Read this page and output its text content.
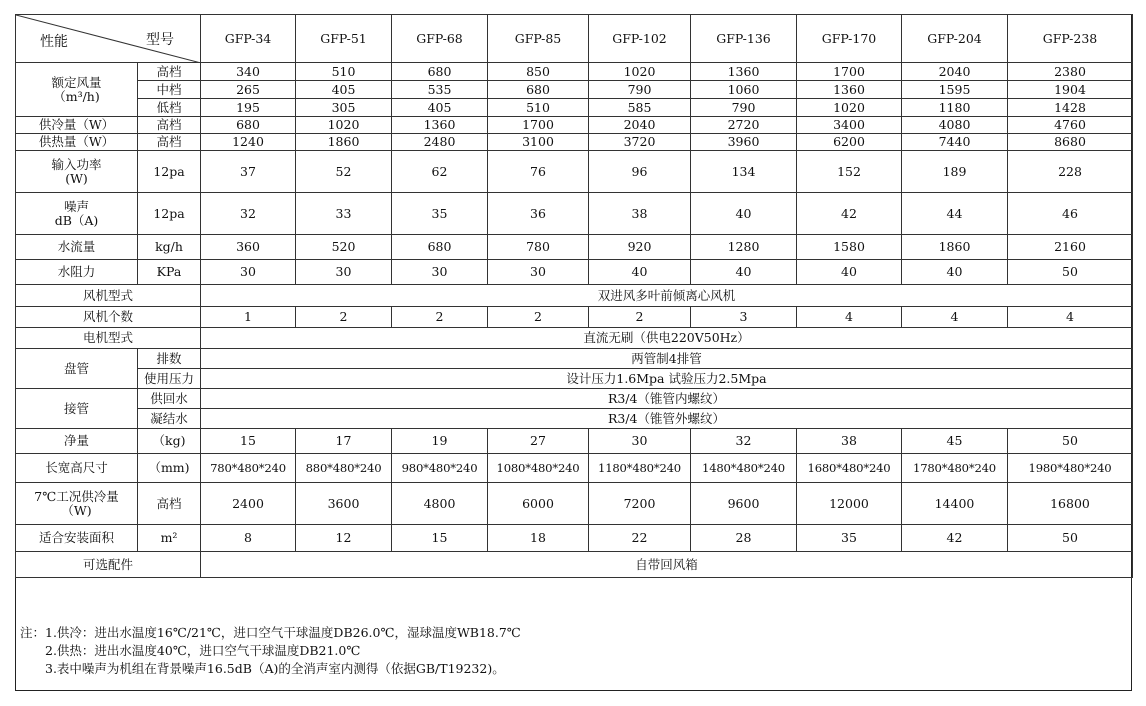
性能 型号		GFP-34	GFP-51	GFP-68	GFP-85	GFP-102	GFP-136	GFP-170	GFP-204	GFP-238

额定风量
（m³/h)	高档	340	510	680	850	1020	1360	1700	2040	2380
	中档	265	405	535	680	790	1060	1360	1595	1904
	低档	195	305	405	510	585	790	1020	1180	1428
供冷量（W）	高档	680	1020	1360	1700	2040	2720	3400	4080	4760
供热量（W）	高档	1240	1860	2480	3100	3720	3960	6200	7440	8680

输入功率
(W)	12pa	37	52	62	76	96	134	152	189	228

噪声
dB（A)	12pa	32	33	35	36	38	40	42	44	46
水流量	kg/h	360	520	680	780	920	1280	1580	1860	2160
水阻力	KPa	30	30	30	30	40	40	40	40	50
风机型式		双进风多叶前倾离心风机								
风机个数		1	2	2	2	2	3	4	4	4
电机型式		直流无刷（供电220V50Hz）								
盘管	排数	两管制4排管								
	使用压力	设计压力1.6Mpa 试验压力2.5Mpa								
接管	供回水	R3/4（锥管内螺纹）								
	凝结水	R3/4（锥管外螺纹）								
净量	（kg)	15	17	19	27	30	32	38	45	50
长宽高尺寸	（mm)	780*480*240	880*480*240	980*480*240	1080*480*240	1180*480*240	1480*480*240	1680*480*240	1780*480*240	1980*480*240

7℃工况供冷量
（W)	高档	2400	3600	4800	6000	7200	9600	12000	14400	16800
适合安装面积	m²	8	12	15	18	22	28	35	42	50
可选配件		自带回风箱								
注：1.供冷：进出水温度16℃/21℃，进口空气干球温度DB26.0℃，湿球温度WB18.7℃
2.供热：进出水温度40℃，进口空气干球温度DB21.0℃
3.表中噪声为机组在背景噪声16.5dB（A)的全消声室内测得（依据GB/T19232)。
